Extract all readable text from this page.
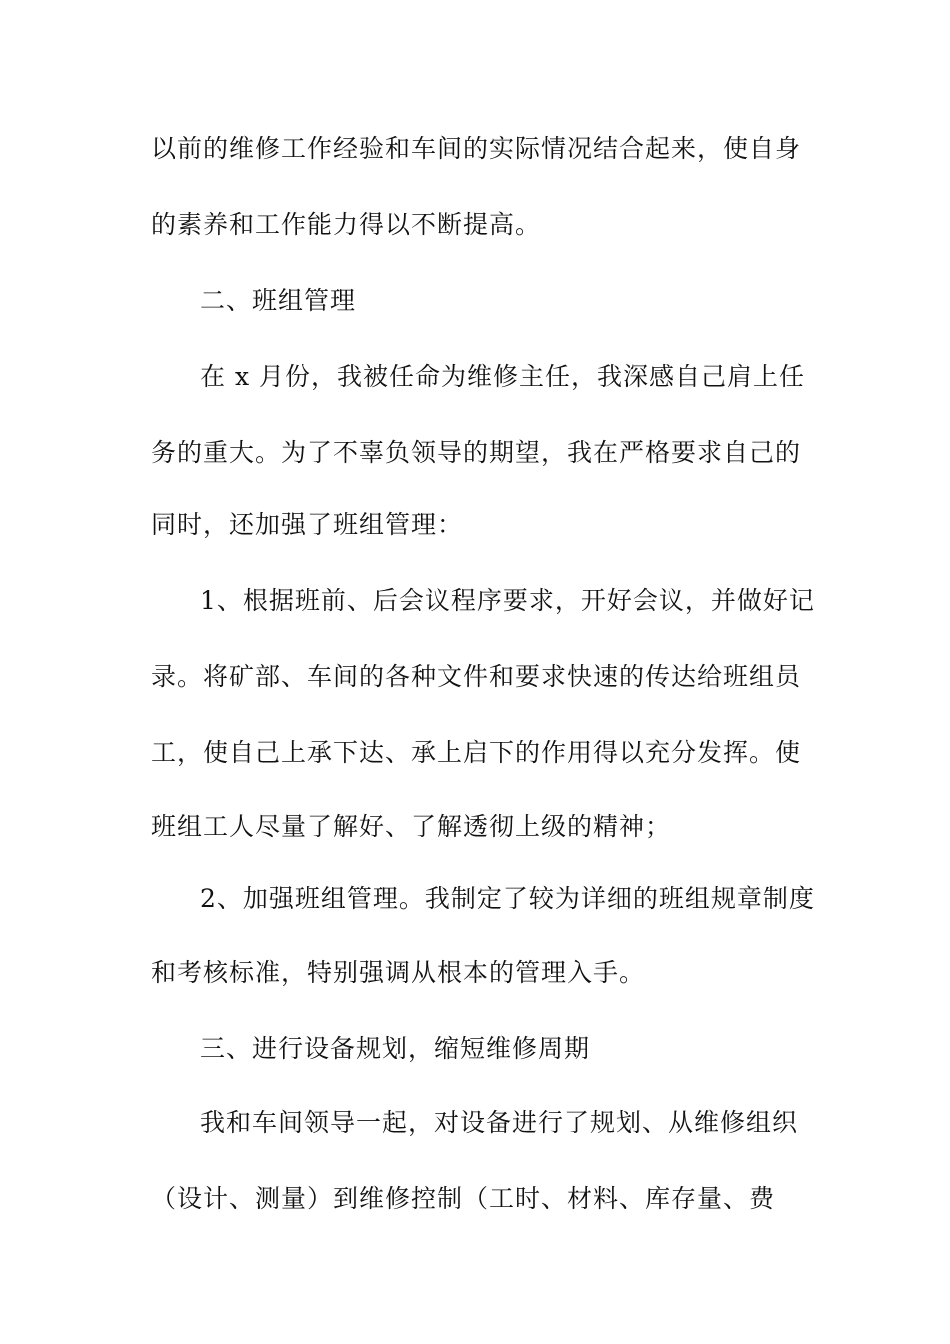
以前的维修工作经验和车间的实际情况结合起来，使自身
的素养和工作能力得以不断提高。
二、班组管理
在 x 月份，我被任命为维修主任，我深感自己肩上任
务的重大。为了不辜负领导的期望，我在严格要求自己的
同时，还加强了班组管理：
1、根据班前、后会议程序要求，开好会议，并做好记
录。将矿部、车间的各种文件和要求快速的传达给班组员
工，使自己上承下达、承上启下的作用得以充分发挥。使
班组工人尽量了解好、了解透彻上级的精神；
2、加强班组管理。我制定了较为详细的班组规章制度
和考核标准，特别强调从根本的管理入手。
三、进行设备规划，缩短维修周期
我和车间领导一起，对设备进行了规划、从维修组织
（设计、测量）到维修控制（工时、材料、库存量、费
